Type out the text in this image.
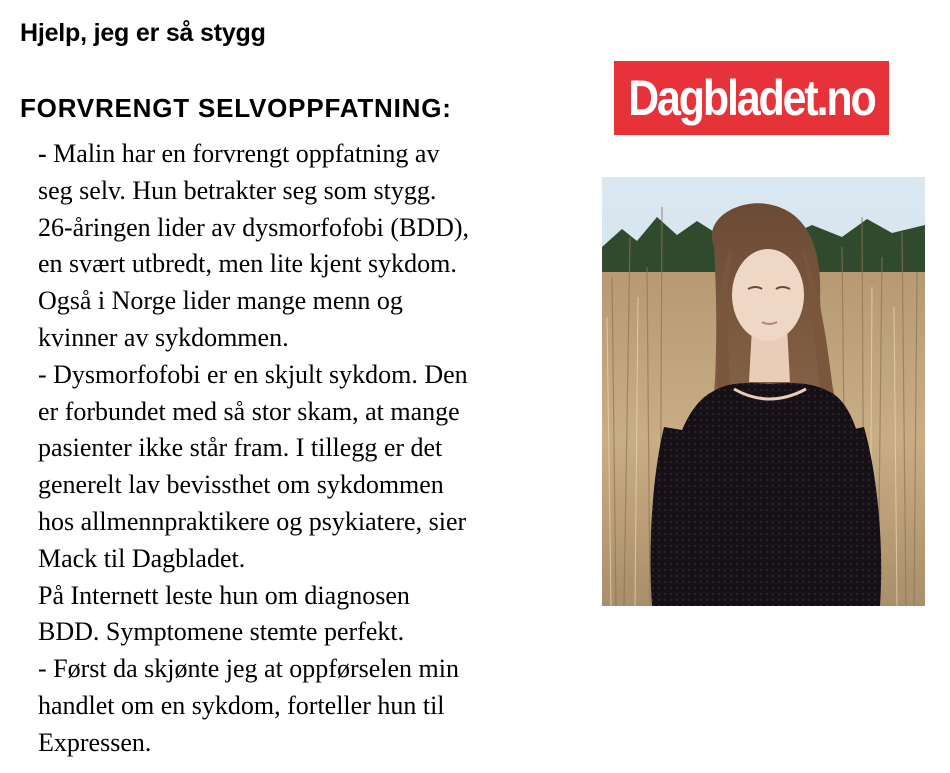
Hjelp, jeg er så stygg
FORVRENGT SELVOPPFATNING:
- Malin har en forvrengt oppfatning av
seg selv. Hun betrakter seg som stygg.
26-åringen lider av dysmorfofobi (BDD),
en svært utbredt, men lite kjent sykdom.
Også i Norge lider mange menn og
kvinner av sykdommen.
- Dysmorfofobi er en skjult sykdom. Den
er forbundet med så stor skam, at mange
pasienter ikke står fram. I tillegg er det
generelt lav bevissthet om sykdommen
hos allmennpraktikere og psykiatere, sier
Mack til Dagbladet.
På Internett leste hun om diagnosen
BDD. Symptomene stemte perfekt.
- Først da skjønte jeg at oppførselen min
handlet om en sykdom, forteller hun til
Expressen.
Dagbladet.no
